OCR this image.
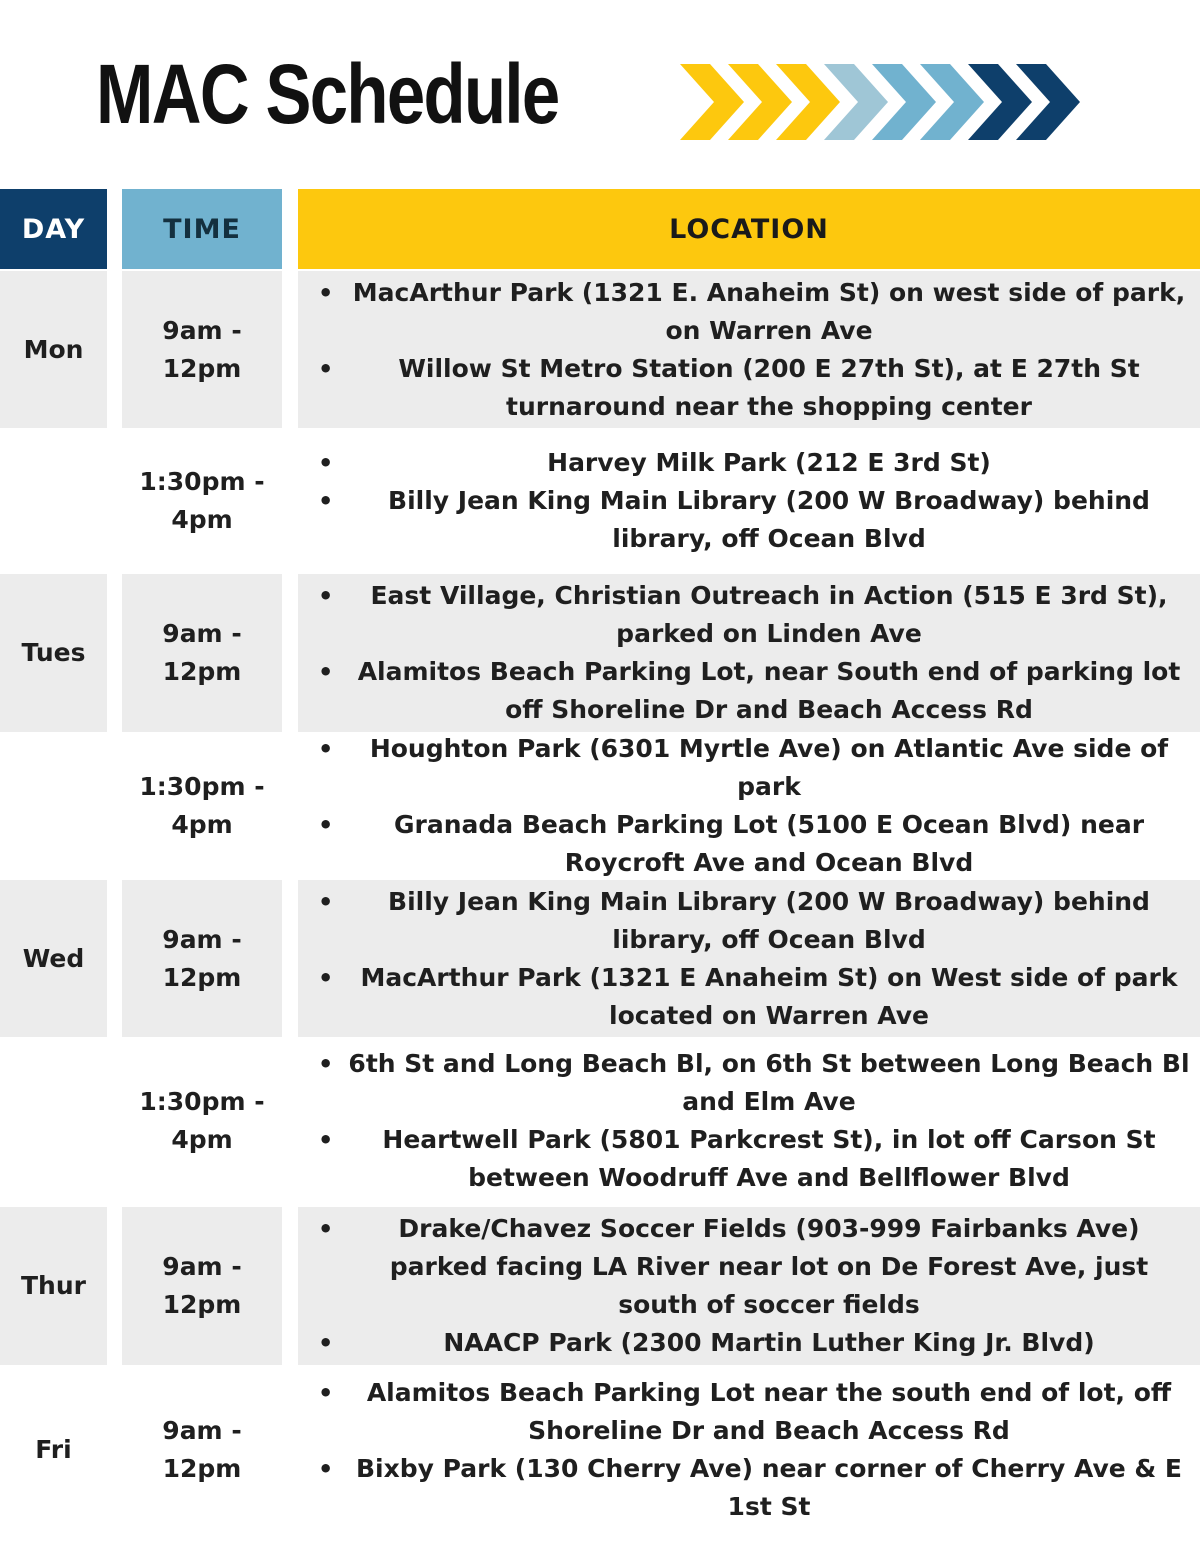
MAC Schedule
DAY	TIME	LOCATION
Mon
9am - 12pm
• MacArthur Park (1321 E. Anaheim St) on west side of park, on Warren Ave
• Willow St Metro Station (200 E 27th St), at E 27th St turnaround near the shopping center
1:30pm - 4pm
• Harvey Milk Park (212 E 3rd St)
• Billy Jean King Main Library (200 W Broadway) behind library, off Ocean Blvd
Tues
9am - 12pm
• East Village, Christian Outreach in Action (515 E 3rd St), parked on Linden Ave
• Alamitos Beach Parking Lot, near South end of parking lot off Shoreline Dr and Beach Access Rd
1:30pm - 4pm
• Houghton Park (6301 Myrtle Ave) on Atlantic Ave side of park
• Granada Beach Parking Lot (5100 E Ocean Blvd) near Roycroft Ave and Ocean Blvd
Wed
9am - 12pm
• Billy Jean King Main Library (200 W Broadway) behind library, off Ocean Blvd
• MacArthur Park (1321 E Anaheim St) on West side of park located on Warren Ave
1:30pm - 4pm
• 6th St and Long Beach Bl, on 6th St between Long Beach Bl and Elm Ave
• Heartwell Park (5801 Parkcrest St), in lot off Carson St between Woodruff Ave and Bellflower Blvd
Thur
9am - 12pm
• Drake/Chavez Soccer Fields (903-999 Fairbanks Ave) parked facing LA River near lot on De Forest Ave, just south of soccer fields
• NAACP Park (2300 Martin Luther King Jr. Blvd)
Fri
9am - 12pm
• Alamitos Beach Parking Lot near the south end of lot, off Shoreline Dr and Beach Access Rd
• Bixby Park (130 Cherry Ave) near corner of Cherry Ave & E 1st St
